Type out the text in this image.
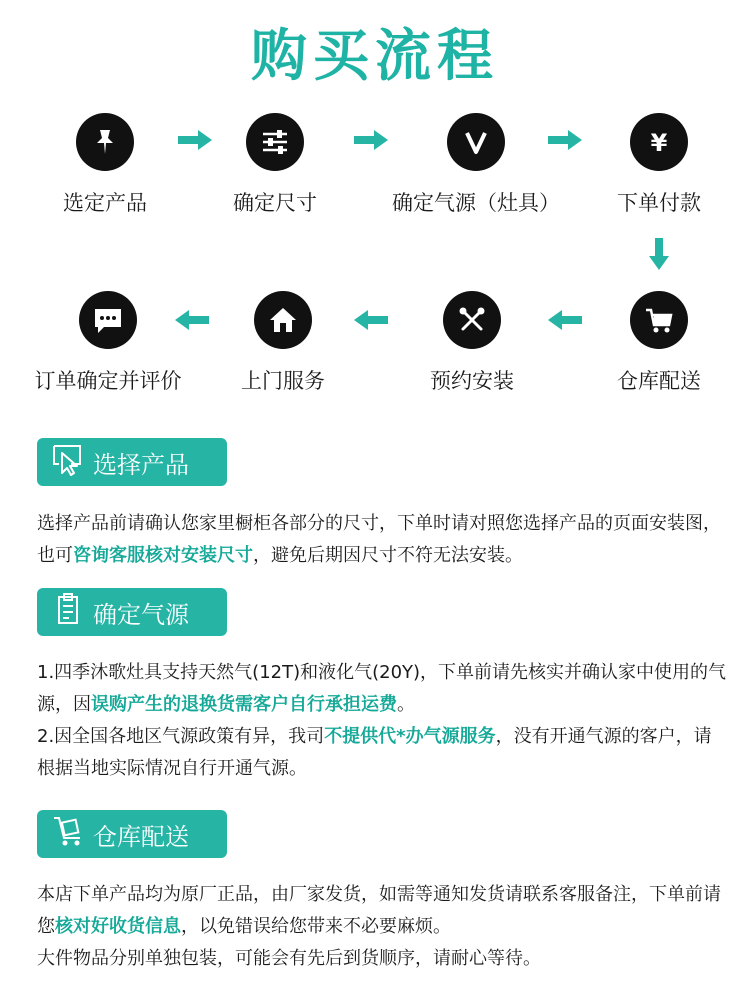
购买流程
选定产品	确定尺寸	确定气源（灶具）
¥
下单付款
仓库配送
预约安装
上门服务
订单确定并评价
选择产品
选择产品前请确认您家里橱柜各部分的尺寸，下单时请对照您选择产品的页面安装图，也可咨询客服核对安装尺寸，避免后期因尺寸不符无法安装。
确定气源
1.四季沐歌灶具支持天然气(12T)和液化气(20Y)，下单前请先核实并确认家中使用的气源，因误购产生的退换货需客户自行承担运费。
2.因全国各地区气源政策有异，我司不提供代*办气源服务，没有开通气源的客户，请根据当地实际情况自行开通气源。
仓库配送
本店下单产品均为原厂正品，由厂家发货，如需等通知发货请联系客服备注，下单前请您核对好收货信息，以免错误给您带来不必要麻烦。
大件物品分别单独包装，可能会有先后到货顺序，请耐心等待。
